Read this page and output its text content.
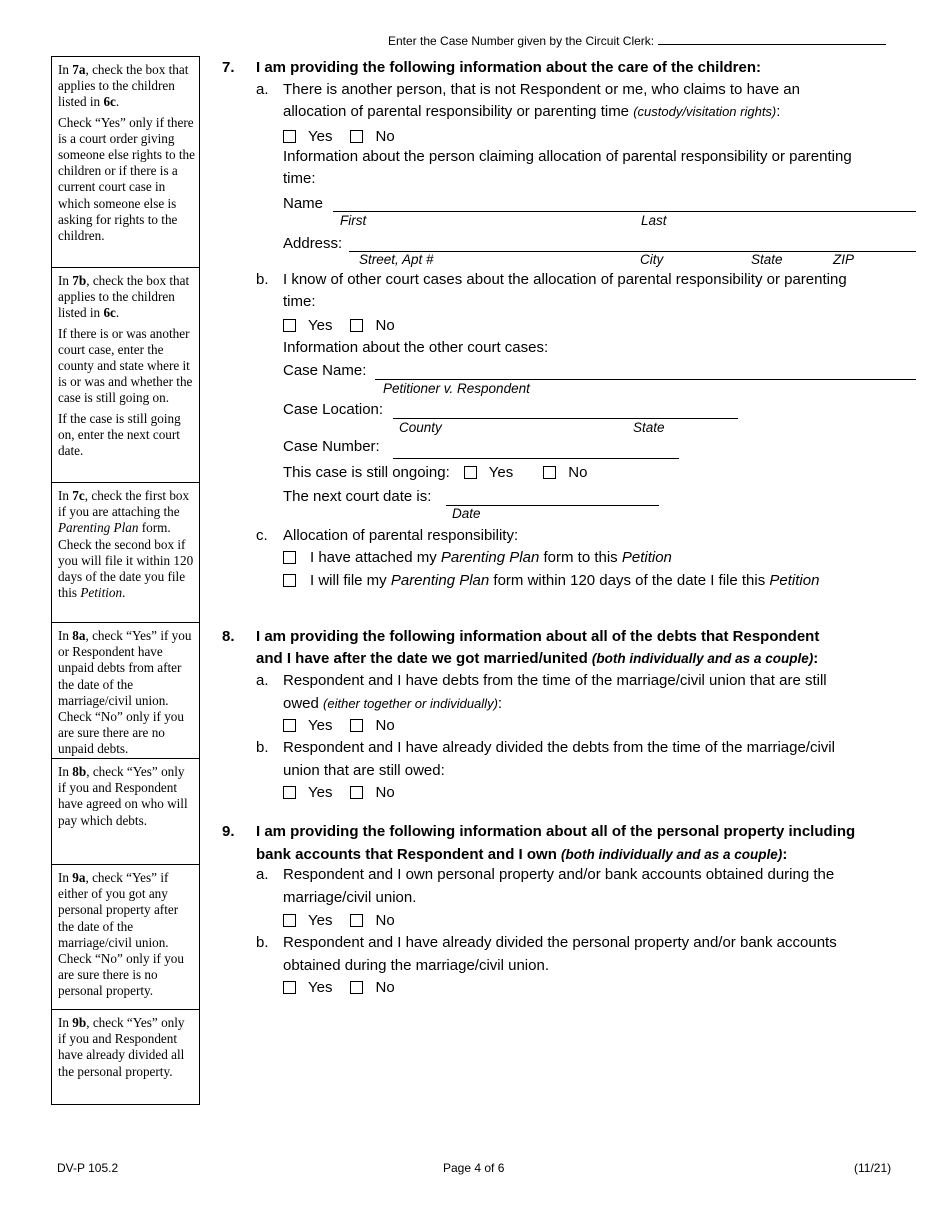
Enter the Case Number given by the Circuit Clerk:

In 7a, check the box that applies to the children listed in 6c.

Check “Yes” only if there is a court order giving someone else rights to the children or if there is a current court case in which someone else is asking for rights to the children.

In 7b, check the box that applies to the children listed in 6c.

If there is or was another court case, enter the county and state where it is or was and whether the case is still going on.

If the case is still going on, enter the next court date.

In 7c, check the first box if you are attaching the Parenting Plan form. Check the second box if you will file it within 120 days of the date you file this Petition.

In 8a, check “Yes” if you or Respondent have unpaid debts from after the date of the marriage/civil union. Check “No” only if you are sure there are no unpaid debts.

In 8b, check “Yes” only if you and Respondent have agreed on who will pay which debts.

In 9a, check “Yes” if either of you got any personal property after the date of the marriage/civil union. Check “No” only if you are sure there is no personal property.

In 9b, check “Yes” only if you and Respondent have already divided all the personal property.

7. I am providing the following information about the care of the children:
a. There is another person, that is not Respondent or me, who claims to have an
allocation of parental responsibility or parenting time (custody/visitation rights):
Yes	No
Information about the person claiming allocation of parental responsibility or parenting
time:
Name
First	Last
Address:
Street, Apt #	City	State	ZIP
b. I know of other court cases about the allocation of parental responsibility or parenting
time:
Yes	No
Information about the other court cases:
Case Name:
Petitioner v. Respondent
Case Location:
County	State
Case Number:
This case is still ongoing:	Yes	No
The next court date is:
Date
c. Allocation of parental responsibility:
I have attached my Parenting Plan form to this Petition
I will file my Parenting Plan form within 120 days of the date I file this Petition
8. I am providing the following information about all of the debts that Respondent
and I have after the date we got married/united (both individually and as a couple):
a. Respondent and I have debts from the time of the marriage/civil union that are still
owed (either together or individually):
Yes	No
b. Respondent and I have already divided the debts from the time of the marriage/civil
union that are still owed:
Yes	No
9. I am providing the following information about all of the personal property including
bank accounts that Respondent and I own (both individually and as a couple):
a. Respondent and I own personal property and/or bank accounts obtained during the
marriage/civil union.
Yes	No
b. Respondent and I have already divided the personal property and/or bank accounts
obtained during the marriage/civil union.
Yes	No
DV-P 105.2	Page 4 of 6	(11/21)
